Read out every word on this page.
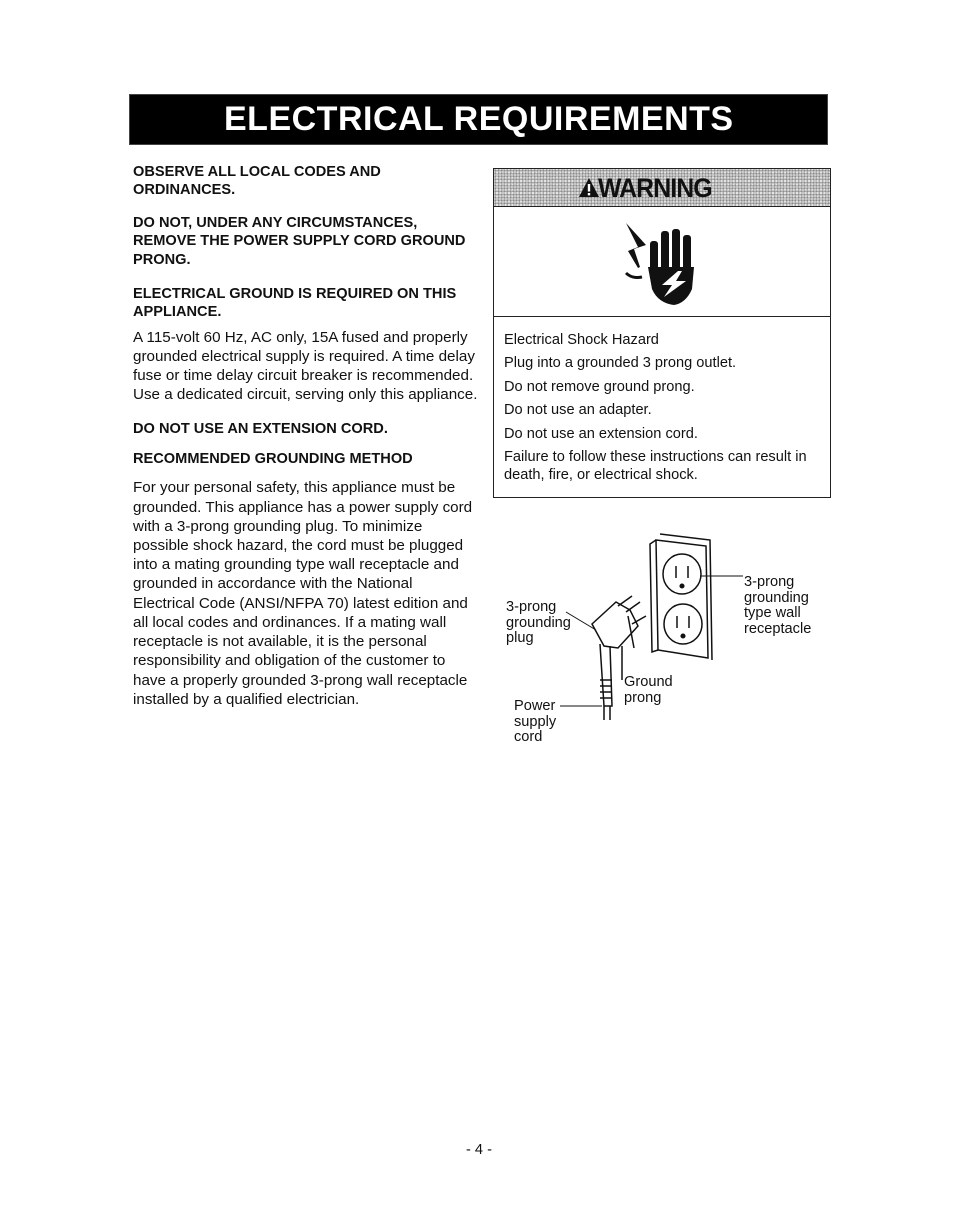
ELECTRICAL REQUIREMENTS

OBSERVE ALL LOCAL CODES AND ORDINANCES.

DO NOT, UNDER ANY CIRCUMSTANCES, REMOVE THE POWER SUPPLY CORD GROUND PRONG.

ELECTRICAL GROUND IS REQUIRED ON THIS APPLIANCE.

A 115-volt 60 Hz, AC only, 15A fused and properly grounded electrical supply is required. A time delay fuse or time delay circuit breaker is recommended. Use a dedicated circuit, serving only this appliance.

DO NOT USE AN EXTENSION CORD.

RECOMMENDED GROUNDING METHOD

For your personal safety, this appliance must be grounded. This appliance has a power supply cord with a 3-prong grounding plug. To minimize possible shock hazard, the cord must be plugged into a mating grounding type wall receptacle and grounded in accordance with the National Electrical Code (ANSI/NFPA 70) latest edition and all local codes and ordinances. If a mating wall receptacle is not available, it is the personal responsibility and obligation of the customer to have a properly grounded 3-prong wall receptacle installed by a qualified electrician.

WARNING
Electrical Shock Hazard
Plug into a grounded 3 prong outlet.
Do not remove ground prong.
Do not use an adapter.
Do not use an extension cord.
Failure to follow these instructions can result in death, fire, or electrical shock.
3-prong
grounding
plug
3-prong
grounding
type wall
receptacle
Ground
prong
Power
supply
cord
- 4 -
